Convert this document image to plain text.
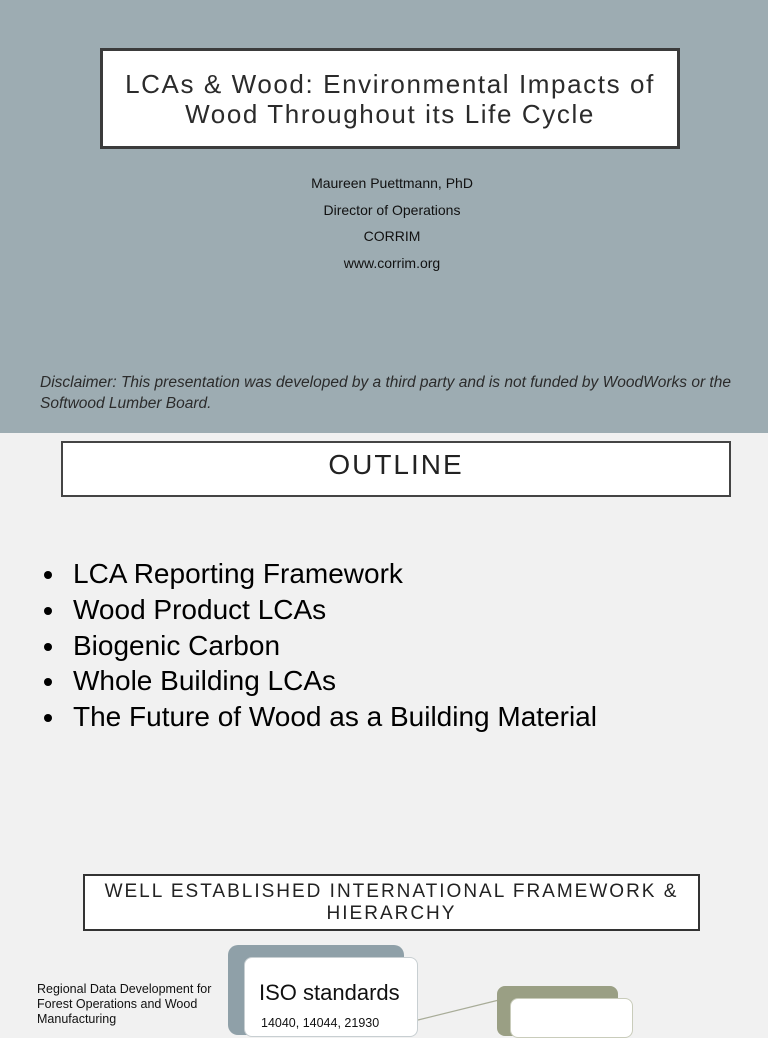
LCAs & Wood: Environmental Impacts of Wood Throughout its Life Cycle
Maureen Puettmann, PhD
Director of Operations
CORRIM
www.corrim.org
Disclaimer: This presentation was developed by a third party and is not funded by WoodWorks or the Softwood Lumber Board.
OUTLINE
LCA Reporting Framework
Wood Product LCAs
Biogenic Carbon
Whole Building LCAs
The Future of Wood as a Building Material
WELL ESTABLISHED INTERNATIONAL FRAMEWORK & HIERARCHY
Regional Data Development for Forest Operations and Wood Manufacturing
ISO standards
14040, 14044, 21930
